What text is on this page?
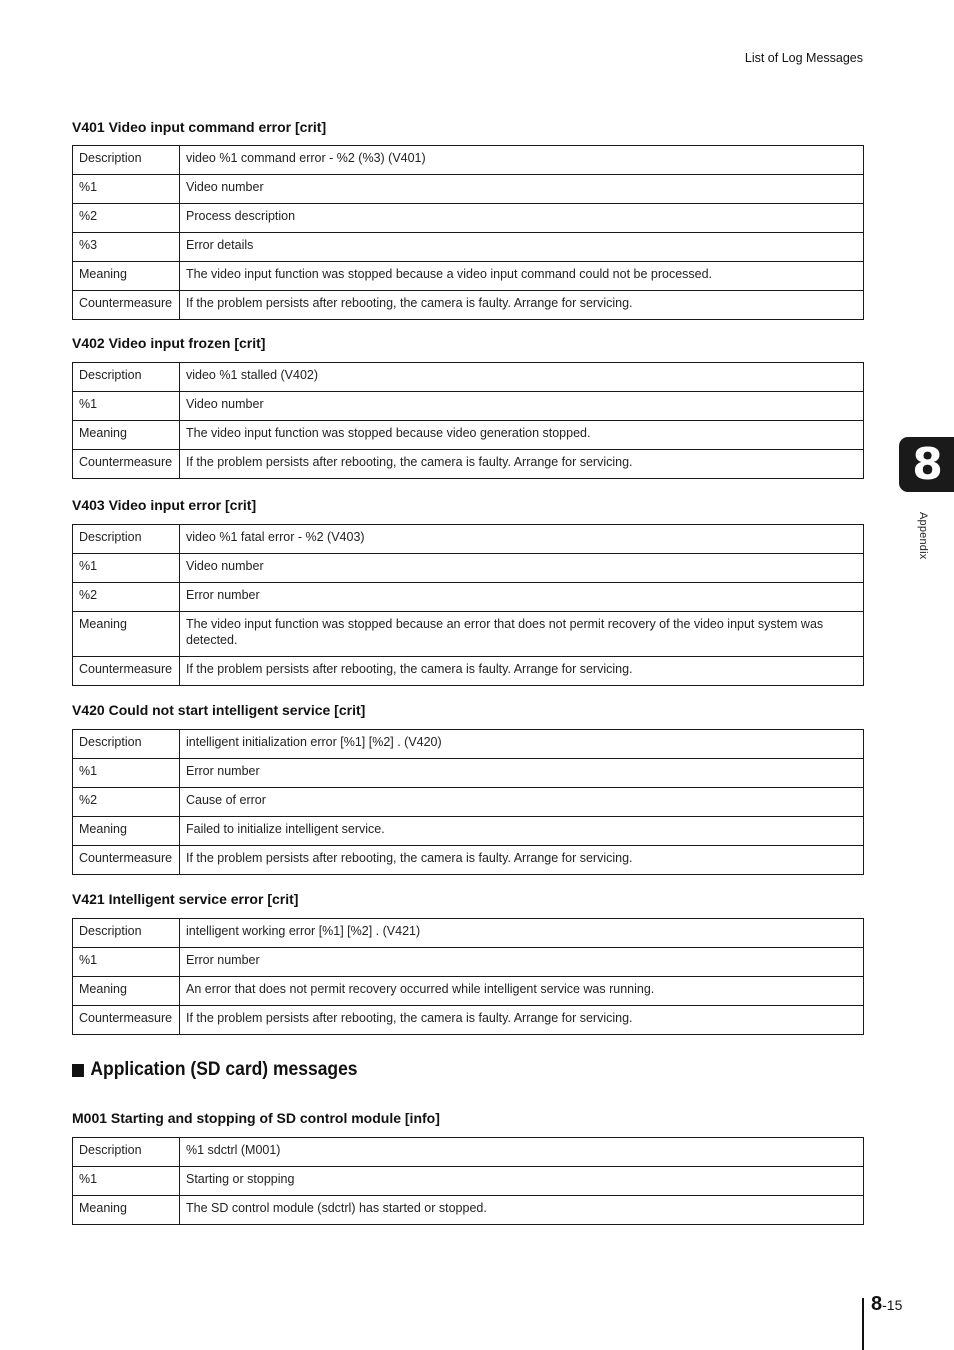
List of Log Messages
8
Appendix
V401 Video input command error [crit]
Description	video %1 command error - %2 (%3) (V401)
%1	Video number
%2	Process description
%3	Error details
Meaning	The video input function was stopped because a video input command could not be processed.
Countermeasure	If the problem persists after rebooting, the camera is faulty. Arrange for servicing.
V402 Video input frozen [crit]
Description	video %1 stalled (V402)
%1	Video number
Meaning	The video input function was stopped because video generation stopped.
Countermeasure	If the problem persists after rebooting, the camera is faulty. Arrange for servicing.
V403 Video input error [crit]
Description	video %1 fatal error - %2 (V403)
%1	Video number
%2	Error number
Meaning	The video input function was stopped because an error that does not permit recovery of the video input system was detected.
Countermeasure	If the problem persists after rebooting, the camera is faulty. Arrange for servicing.
V420 Could not start intelligent service [crit]
Description	intelligent initialization error [%1] [%2] . (V420)
%1	Error number
%2	Cause of error
Meaning	Failed to initialize intelligent service.
Countermeasure	If the problem persists after rebooting, the camera is faulty. Arrange for servicing.
V421 Intelligent service error [crit]
Description	intelligent working error [%1] [%2] . (V421)
%1	Error number
Meaning	An error that does not permit recovery occurred while intelligent service was running.
Countermeasure	If the problem persists after rebooting, the camera is faulty. Arrange for servicing.
Application (SD card) messages
M001 Starting and stopping of SD control module [info]
Description	%1 sdctrl (M001)
%1	Starting or stopping
Meaning	The SD control module (sdctrl) has started or stopped.
8-15
